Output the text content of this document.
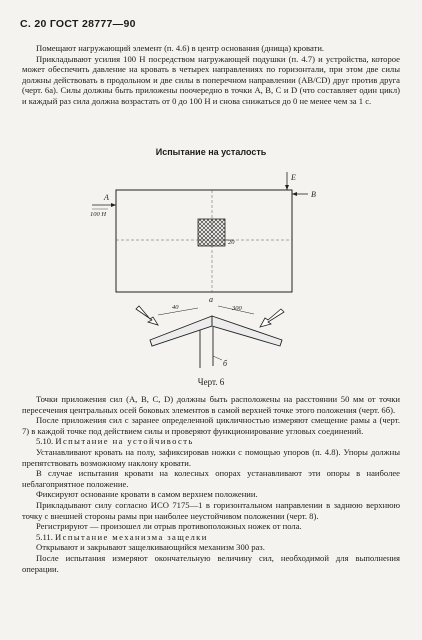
С. 20 ГОСТ 28777—90

Помещают нагружающий элемент (п. 4.6) в центр основания (днища) кровати.

Прикладывают усилия 100 Н посредством нагружающей подушки (п. 4.7) и устройства, которое может обеспечить давление на кровать в четырех направлениях по горизонтали, при этом две силы должны действовать в продольном и две силы в поперечном направлении (AB/CD) друг против друга (черт. 6а). Силы должны быть приложены поочередно в точки A, B, C и D (что составляет один цикл) и каждый раз сила должна возрастать от 0 до 100 Н и снова снижаться до 0 не менее чем за 1 с.

Испытание на усталость
A
100 Н
E
B
20
a
40	300
б
Черт. 6

Точки приложения сил (A, B, C, D) должны быть расположены на расстоянии 50 мм от точки пересечения центральных осей боковых элементов в самой верхней точке этого положения (черт. 6б).

После приложения сил с заранее определенной цикличностью измеряют смещение рамы a (черт. 7) в каждой точке под действием силы и проверяют функционирование угловых соединений.

5.10. Испытание на устойчивость

Устанавливают кровать на полу, зафиксировав ножки с помощью упоров (п. 4.8). Упоры должны препятствовать возможному наклону кровати.

В случае испытания кровати на колесных опорах устанавливают эти опоры в наиболее неблагоприятное положение.

Фиксируют основание кровати в самом верхнем положении.

Прикладывают силу согласно ИСО 7175—1 в горизонтальном направлении в заднюю верхнюю точку с внешней стороны рамы при наиболее неустойчивом положении (черт. 8).

Регистрируют — произошел ли отрыв противоположных ножек от пола.

5.11. Испытание механизма защелки

Открывают и закрывают защелкивающийся механизм 300 раз.

После испытания измеряют окончательную величину сил, необходимой для выполнения операции.
